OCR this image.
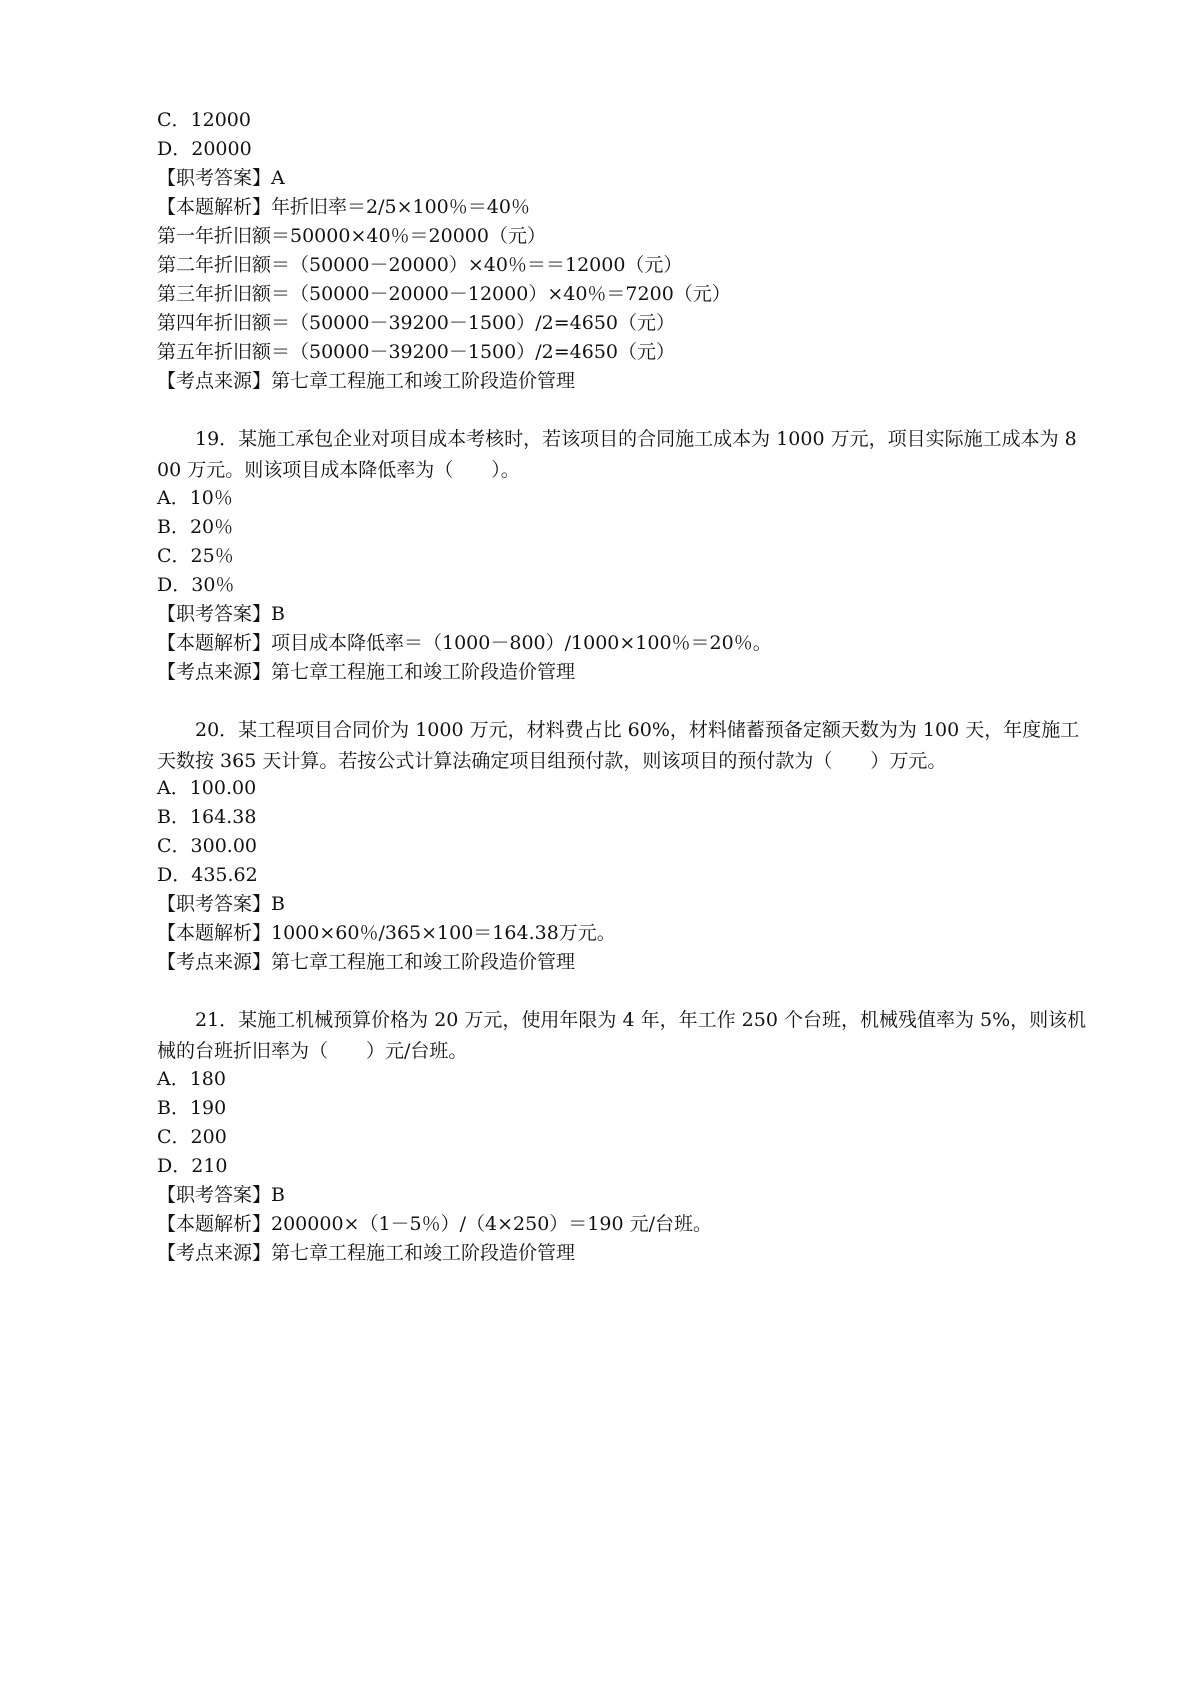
C．12000
D．20000
【职考答案】A
【本题解析】年折旧率＝2/5×100％＝40％
第一年折旧额＝50000×40％＝20000（元）
第二年折旧额＝（50000－20000）×40％＝＝12000（元）
第三年折旧额＝（50000－20000－12000）×40％＝7200（元）
第四年折旧额＝（50000－39200－1500）/2=4650（元）
第五年折旧额＝（50000－39200－1500）/2=4650（元）
【考点来源】第七章工程施工和竣工阶段造价管理
　　19．某施工承包企业对项目成本考核时，若该项目的合同施工成本为 1000 万元，项目实际施工成本为 800 万元。则该项目成本降低率为（　　）。
A．10％
B．20％
C．25％
D．30％
【职考答案】B
【本题解析】项目成本降低率＝（1000－800）/1000×100％＝20％。
【考点来源】第七章工程施工和竣工阶段造价管理
　　20．某工程项目合同价为 1000 万元，材料费占比 60%，材料储蓄预备定额天数为为 100 天，年度施工天数按 365 天计算。若按公式计算法确定项目组预付款，则该项目的预付款为（　　）万元。
A．100.00
B．164.38
C．300.00
D．435.62
【职考答案】B
【本题解析】1000×60％/365×100＝164.38万元。
【考点来源】第七章工程施工和竣工阶段造价管理
　　21．某施工机械预算价格为 20 万元，使用年限为 4 年，年工作 250 个台班，机械残值率为 5%，则该机械的台班折旧率为（　　）元/台班。
A．180
B．190
C．200
D．210
【职考答案】B
【本题解析】200000×（1－5％）/（4×250）＝190 元/台班。
【考点来源】第七章工程施工和竣工阶段造价管理
